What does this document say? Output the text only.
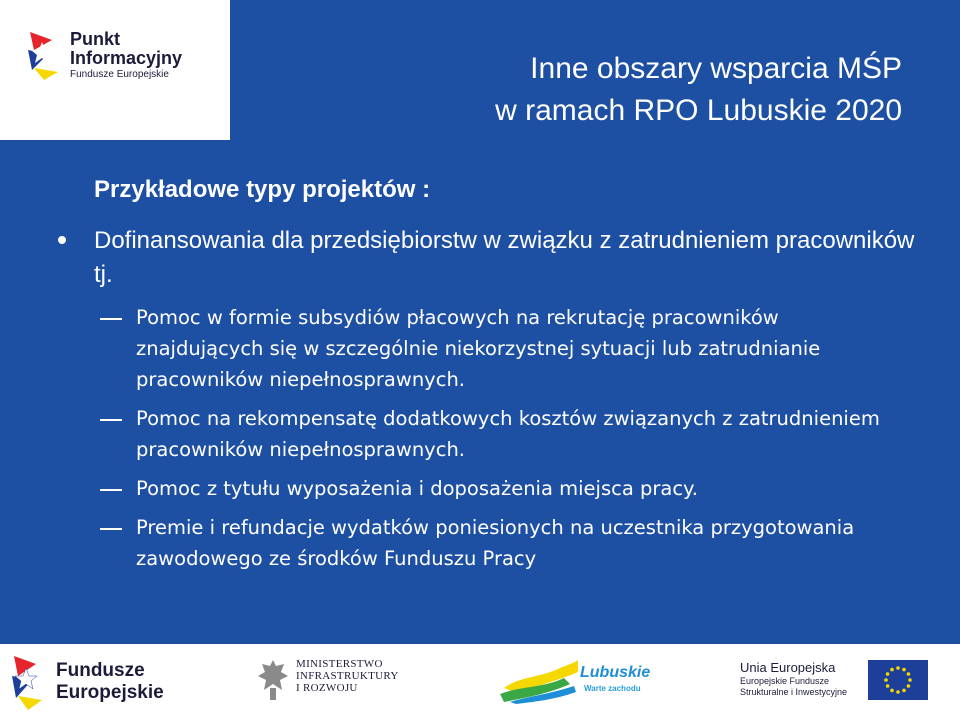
Punkt
Informacyjny
Fundusze Europejskie	Inne obszary wsparcia MŚP
w ramach RPO Lubuskie 2020
Przykładowe typy projektów :
Dofinansowania dla przedsiębiorstw w związku z zatrudnieniem pracowników tj.
Pomoc w formie subsydiów płacowych na rekrutację pracowników znajdujących się w szczególnie niekorzystnej sytuacji lub zatrudnianie pracowników niepełnosprawnych.
Pomoc na rekompensatę dodatkowych kosztów związanych z zatrudnieniem pracowników niepełnosprawnych.
Pomoc z tytułu wyposażenia i doposażenia miejsca pracy.
Premie i refundacje wydatków poniesionych na uczestnika przygotowania zawodowego ze środków Funduszu Pracy
Fundusze
Europejskie
MINISTERSTWO
INFRASTRUKTURY
I ROZWOJU
Lubuskie
Warte zachodu
Unia Europejska
Europejskie Fundusze
Strukturalne i Inwestycyjne
